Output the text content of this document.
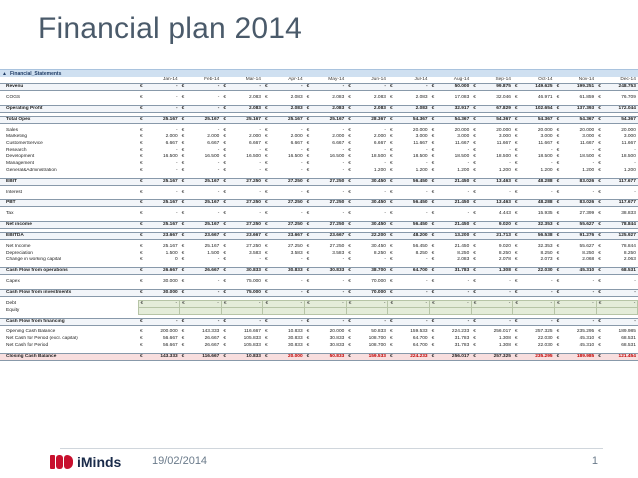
Financial plan 2014
▲ Financial_Statements
	Jan-14	Feb-14	Mar-14	Apr-14	May-14	Jun-14	Jul-14	Aug-14	Sep-14	Oct-14	Nov-14	Dec-14
Revenu	€ -	€ -	€ -	€ -	€ -	€ -	€ -	€ 50.000	€ 99.875	€ 149.625	€ 199.251	€ 248.753

COGS	€ -	€ -	€ 2.083	€ 2.083	€ 2.083	€ 2.083	€ 2.083	€ 17.083	€ 32.046	€ 46.971	€ 61.859	€ 76.709

Operating Profit	€ -	€ -	€ 2.083	€ 2.083	€ 2.083	€ 2.083	€ 2.083	€ 32.917	€ 67.829	€ 102.654	€ 137.393	€ 172.044

Total Opex	€ 25.167	€ 25.167	€ 25.167	€ 25.167	€ 25.167	€ 28.367	€ 54.367	€ 54.367	€ 54.367	€ 54.367	€ 54.367	€ 54.367

Sales	€ -	€ -	€ -	€ -	€ -	€ -	€ 20.000	€ 20.000	€ 20.000	€ 20.000	€ 20.000	€ 20.000
Marketing	€ 2.000	€ 2.000	€ 2.000	€ 2.000	€ 2.000	€ 2.000	€ 3.000	€ 3.000	€ 3.000	€ 3.000	€ 3.000	€ 3.000
CustomerService	€ 6.667	€ 6.667	€ 6.667	€ 6.667	€ 6.667	€ 6.667	€ 11.667	€ 11.667	€ 11.667	€ 11.667	€ 11.667	€ 11.667
Research	€ -	€ -	€ -	€ -	€ -	€ -	€ -	€ -	€ -	€ -	€ -	€ -
Development	€ 16.500	€ 16.500	€ 16.500	€ 16.500	€ 16.500	€ 18.500	€ 18.500	€ 18.500	€ 18.500	€ 18.500	€ 18.500	€ 18.500
Management	€ -	€ -	€ -	€ -	€ -	€ -	€ -	€ -	€ -	€ -	€ -	€ -
General&Administration	€ -	€ -	€ -	€ -	€ -	€ 1.200	€ 1.200	€ 1.200	€ 1.200	€ 1.200	€ 1.200	€ 1.200

EBIT	€ 25.167	€ 25.167	€ 27.250	€ 27.250	€ 27.250	€ 30.450	€ 56.450	€ 21.450	€ 13.463	€ 48.288	€ 83.026	€ 117.677

Interest	€ -	€ -	€ -	€ -	€ -	€ -	€ -	€ -	€ -	€ -	€ -	€ -

PBT	€ 25.167	€ 25.167	€ 27.250	€ 27.250	€ 27.250	€ 30.450	€ 56.450	€ 21.450	€ 13.463	€ 48.288	€ 83.026	€ 117.677

Tax	€ -	€ -	€ -	€ -	€ -	€ -	€ -	€ -	€ 4.443	€ 15.935	€ 27.399	€ 38.833

Net income	€ 25.167	€ 25.167	€ 27.250	€ 27.250	€ 27.250	€ 30.450	€ 56.450	€ 21.450	€ 9.020	€ 32.353	€ 55.627	€ 78.844

EBITDA	€ 23.667	€ 23.667	€ 23.667	€ 23.667	€ 23.667	€ 22.200	€ 48.200	€ 13.200	€ 21.713	€ 56.538	€ 91.276	€ 125.927

Net Income	€ 25.167	€ 25.167	€ 27.250	€ 27.250	€ 27.250	€ 30.450	€ 56.450	€ 21.450	€ 9.020	€ 32.353	€ 55.627	€ 78.844
Depreciation	€ 1.500	€ 1.500	€ 3.583	€ 3.583	€ 3.583	€ 8.250	€ 8.250	€ 8.250	€ 8.250	€ 8.250	€ 8.250	€ 8.250
Change in working capital	€ 0	€ -	€ -	€ -	€ -	€ -	€ -	€ 2.083	€ 2.078	€ 2.073	€ 2.068	€ 2.063

Cash Flow from operations	€ 26.667	€ 26.667	€ 30.833	€ 30.833	€ 30.833	€ 38.700	€ 64.700	€ 31.783	€ 1.308	€ 22.030	€ 45.310	€ 68.531

Capex	€ 30.000	€ -	€ 75.000	€ -	€ -	€ 70.000	€ -	€ -	€ -	€ -	€ -	€ -

Cash Flow from investments	€ 30.000	€ -	€ 75.000	€ -	€ -	€ 70.000	€ -	€ -	€ -	€ -	€ -	€ -

Debt	€ -	€ -	€ -	€ -	€ -	€ -	€ -	€ -	€ -	€ -	€ -	€ -
Equity												

Cash Flow from financing	€ -	€ -	€ -	€ -	€ -	€ -	€ -	€ -	€ -	€ -	€ -	€ -

Opening Cash Balance	€ 200.000	€ 143.333	€ 116.667	€ 10.833	€ 20.000	€ 50.833	€ 159.533	€ 224.233	€ 256.017	€ 257.325	€ 235.295	€ 189.985
Net Cash for Period (excl. capital)	€ 56.667	€ 26.667	€ 105.833	€ 30.833	€ 30.833	€ 108.700	€ 64.700	€ 31.783	€ 1.308	€ 22.030	€ 45.310	€ 68.531
Net Cash for Period	€ 56.667	€ 26.667	€ 105.833	€ 30.833	€ 30.833	€ 108.700	€ 64.700	€ 31.783	€ 1.308	€ 22.030	€ 45.310	€ 68.531

Closing Cash Balance	€ 143.333	€ 116.667	€ 10.833	€ 20.000	€ 50.833	€ 159.533	€ 224.233	€ 256.017	€ 257.325	€ 235.295	€ 189.985	€ 121.454
iMinds	19/02/2014	1
